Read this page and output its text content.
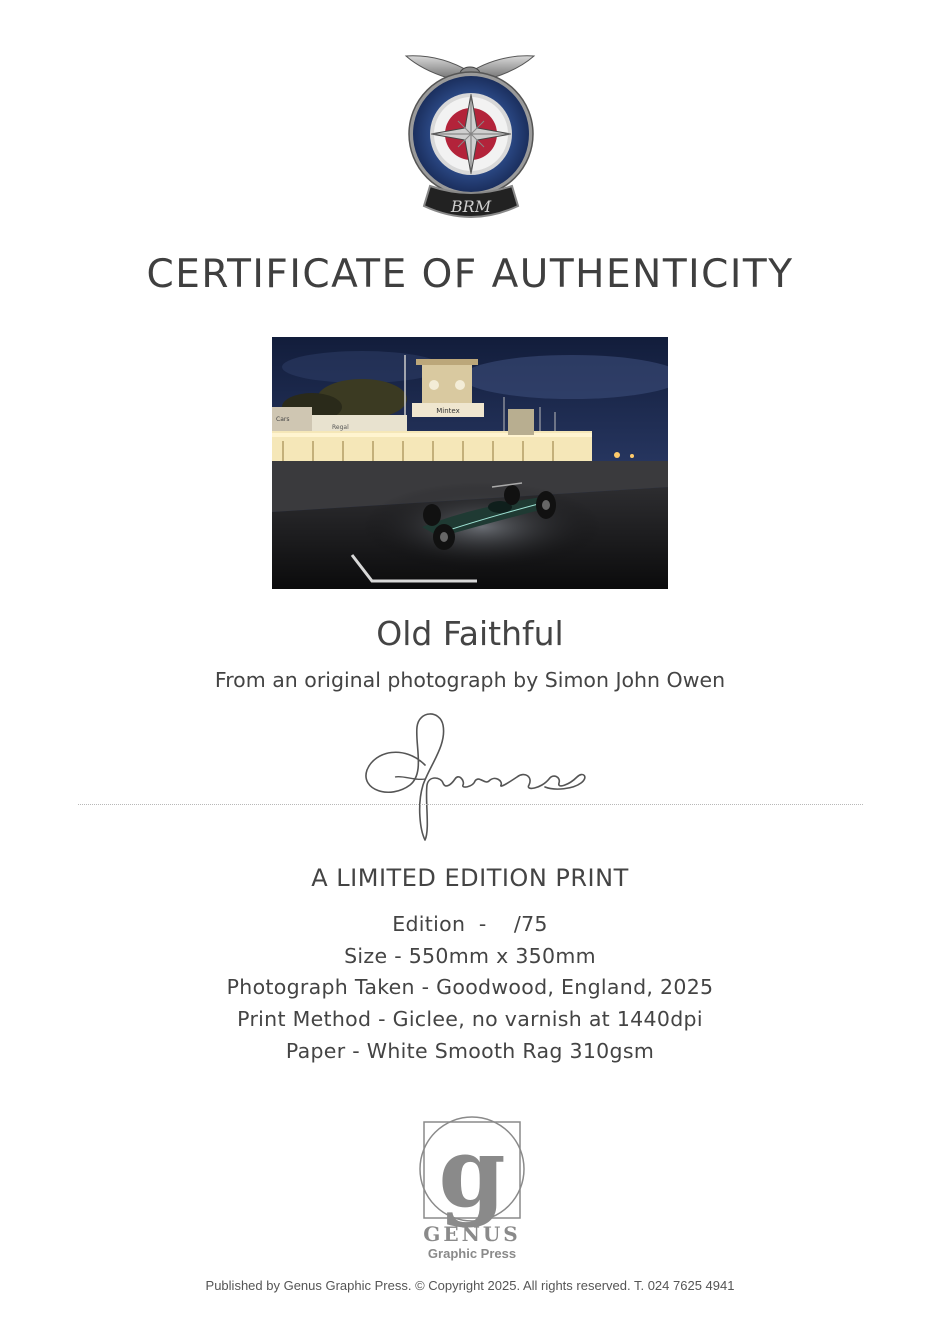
BRM
CERTIFICATE OF AUTHENTICITY
Mintex
Cars
Regal
Old Faithful
From an original photograph by Simon John Owen
A LIMITED EDITION PRINT
Edition  -    /75
Size - 550mm x 350mm
Photograph Taken - Goodwood, England, 2025
Print Method - Giclee, no varnish at 1440dpi
Paper - White Smooth Rag 310gsm
g
GENUS
Graphic Press
Published by Genus Graphic Press. © Copyright 2025. All rights reserved. T. 024 7625 4941
